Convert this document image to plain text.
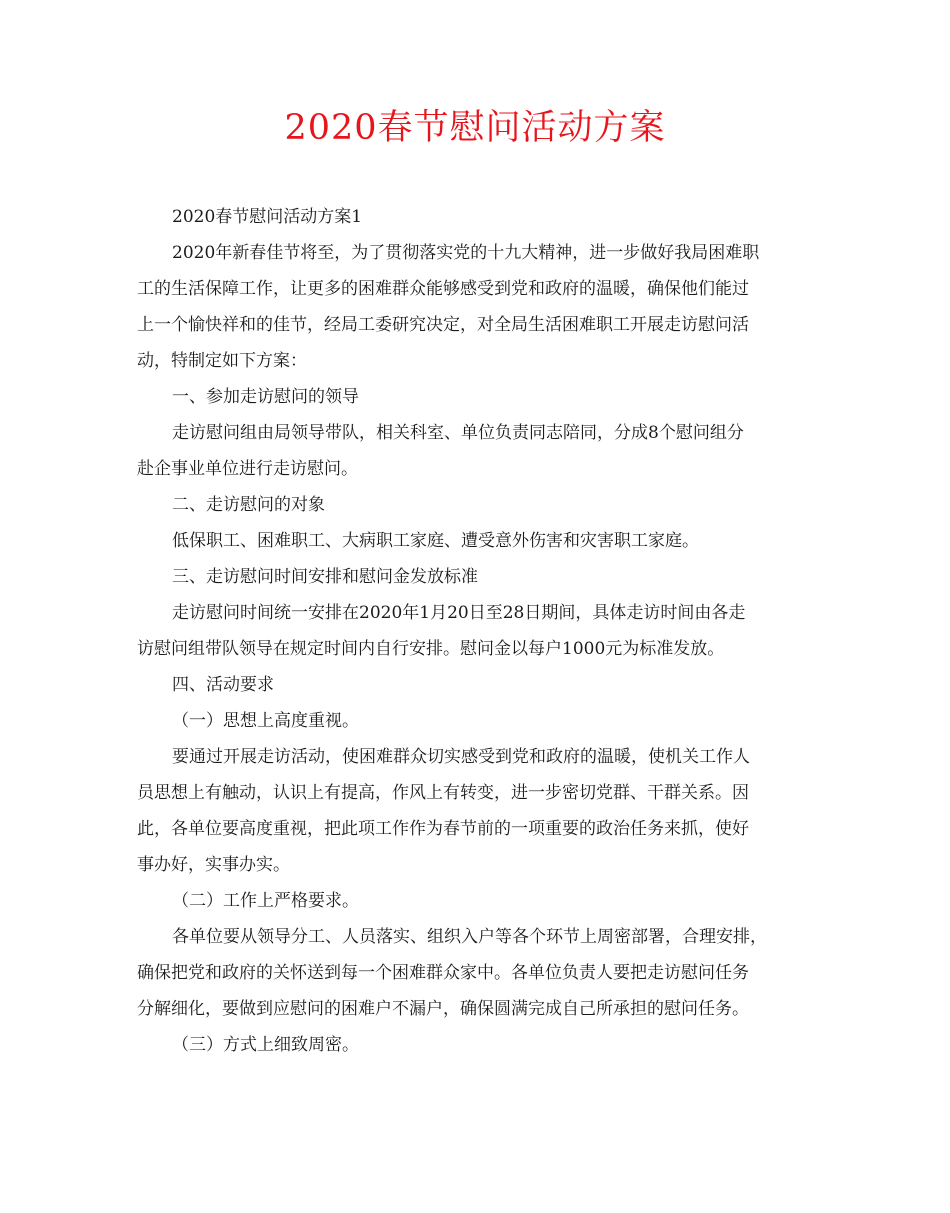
2020春节慰问活动方案

2020春节慰问活动方案1

2020年新春佳节将至，为了贯彻落实党的十九大精神，进一步做好我局困难职

工的生活保障工作，让更多的困难群众能够感受到党和政府的温暖，确保他们能过

上一个愉快祥和的佳节，经局工委研究决定，对全局生活困难职工开展走访慰问活

动，特制定如下方案：

一、参加走访慰问的领导

走访慰问组由局领导带队，相关科室、单位负责同志陪同，分成8个慰问组分

赴企事业单位进行走访慰问。

二、走访慰问的对象

低保职工、困难职工、大病职工家庭、遭受意外伤害和灾害职工家庭。

三、走访慰问时间安排和慰问金发放标准

走访慰问时间统一安排在2020年1月20日至28日期间，具体走访时间由各走

访慰问组带队领导在规定时间内自行安排。慰问金以每户1000元为标准发放。

四、活动要求

（一）思想上高度重视。

要通过开展走访活动，使困难群众切实感受到党和政府的温暖，使机关工作人

员思想上有触动，认识上有提高，作风上有转变，进一步密切党群、干群关系。因

此，各单位要高度重视，把此项工作作为春节前的一项重要的政治任务来抓，使好

事办好，实事办实。

（二）工作上严格要求。

各单位要从领导分工、人员落实、组织入户等各个环节上周密部署，合理安排，

确保把党和政府的关怀送到每一个困难群众家中。各单位负责人要把走访慰问任务

分解细化，要做到应慰问的困难户不漏户，确保圆满完成自己所承担的慰问任务。

（三）方式上细致周密。
